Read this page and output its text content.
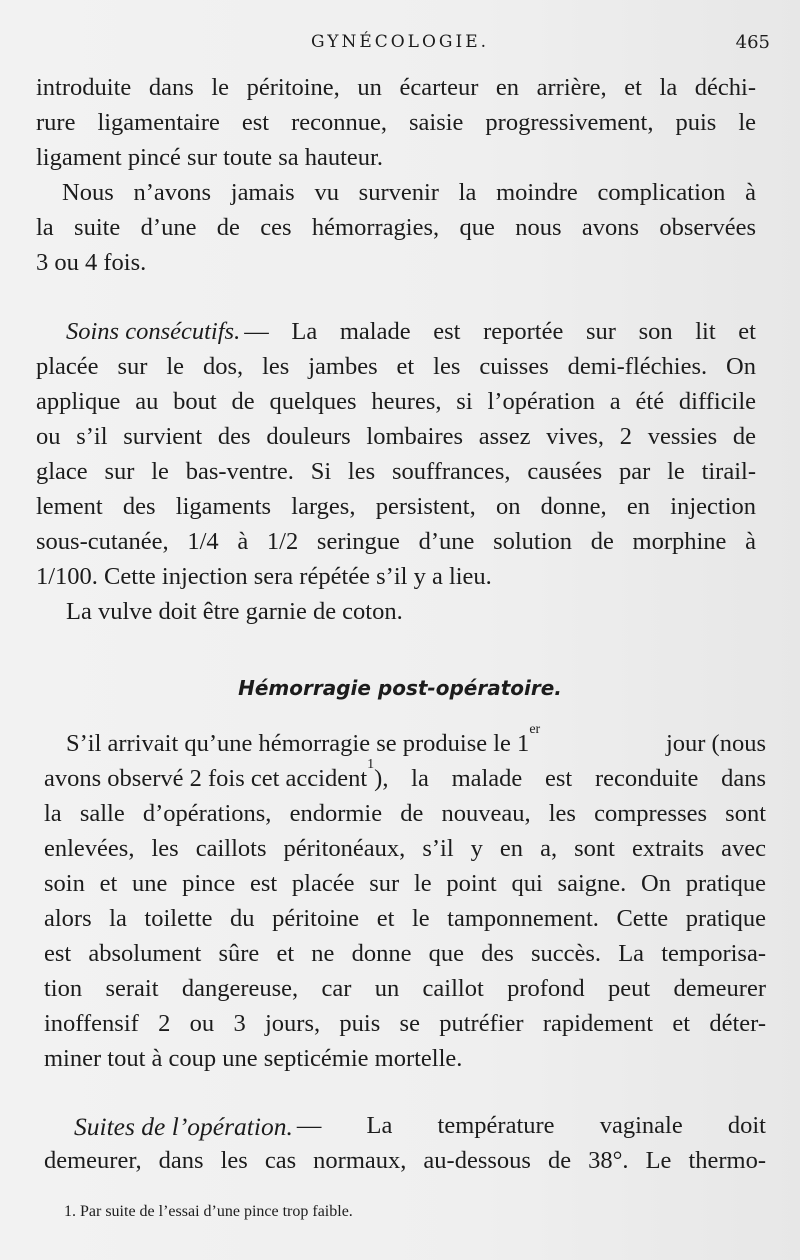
GYNÉCOLOGIE.	465
introduite dans le péritoine, un écarteur en arrière, et la déchi-
rure ligamentaire est reconnue, saisie progressivement, puis le
ligament pincé sur toute sa hauteur.
Nous n’avons jamais vu survenir la moindre complication à
la suite d’une de ces hémorragies, que nous avons observées
3 ou 4 fois.
Soins consécutifs. — La malade est reportée sur son lit et
placée sur le dos, les jambes et les cuisses demi-fléchies. On
applique au bout de quelques heures, si l’opération a été difficile
ou s’il survient des douleurs lombaires assez vives, 2 vessies de
glace sur le bas-ventre. Si les souffrances, causées par le tirail-
lement des ligaments larges, persistent, on donne, en injection
sous-cutanée, 1/4 à 1/2 seringue d’une solution de morphine à
1/100. Cette injection sera répétée s’il y a lieu.
La vulve doit être garnie de coton.
Hémorragie post-opératoire.
S’il arrivait qu’une hémorragie se produise le 1
er
jour (nous
avons observé 2 fois cet accident
1
), la malade est reconduite dans
la salle d’opérations, endormie de nouveau, les compresses sont
enlevées, les caillots péritonéaux, s’il y en a, sont extraits avec
soin et une pince est placée sur le point qui saigne. On pratique
alors la toilette du péritoine et le tamponnement. Cette pratique
est absolument sûre et ne donne que des succès. La temporisa-
tion serait dangereuse, car un caillot profond peut demeurer
inoffensif 2 ou 3 jours, puis se putréfier rapidement et déter-
miner tout à coup une septicémie mortelle.
Suites de l’opération. — La température vaginale doit
demeurer, dans les cas normaux, au-dessous de 38°. Le thermo-
1. Par suite de l’essai d’une pince trop faible.
